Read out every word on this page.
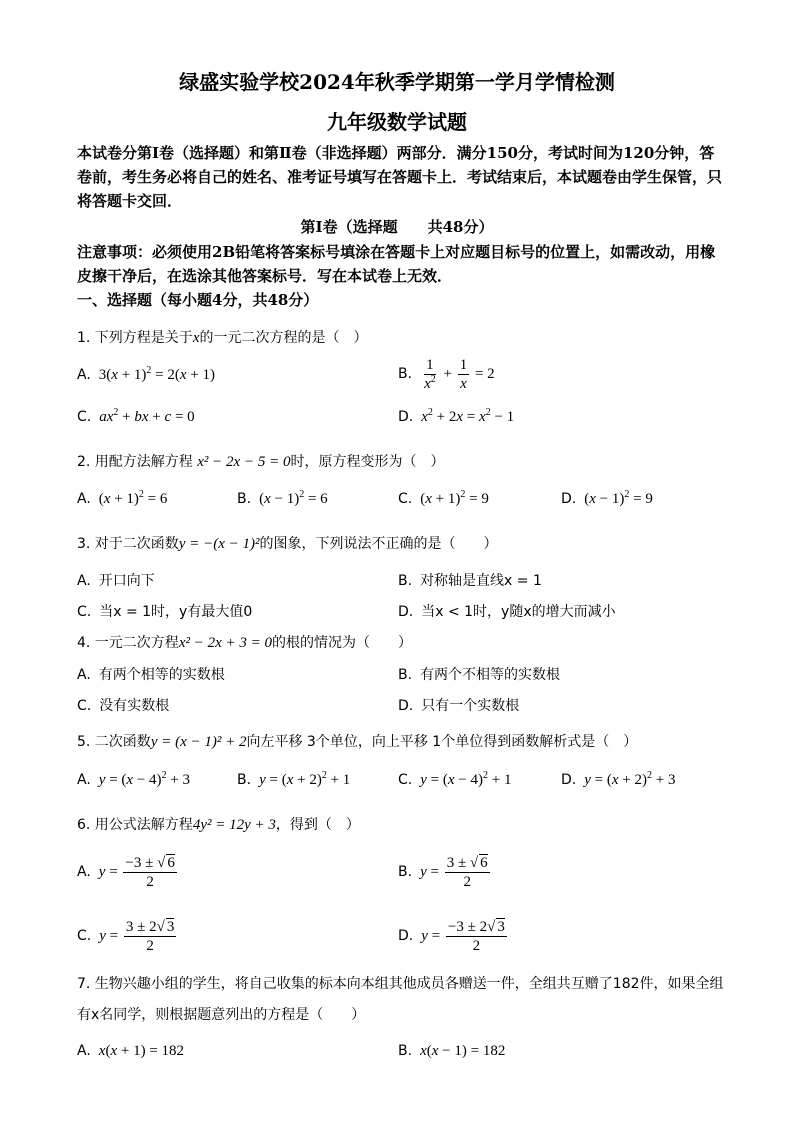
绿盛实验学校2024年秋季学期第一学月学情检测
九年级数学试题
本试卷分第Ⅰ卷（选择题）和第Ⅱ卷（非选择题）两部分．满分150分，考试时间为120分钟，答卷前，考生务必将自己的姓名、准考证号填写在答题卡上．考试结束后，本试题卷由学生保管，只将答题卡交回．
第Ⅰ卷（选择题　　共48分）
注意事项：必须使用2B铅笔将答案标号填涂在答题卡上对应题目标号的位置上，如需改动，用橡皮擦干净后，在选涂其他答案标号．写在本试卷上无效．
一、选择题（每小题4分，共48分）
1. 下列方程是关于x的一元二次方程的是（　）
A. $3(x + 1)^2 = 2(x + 1)$	B. $\frac{1}{x^2} + \frac{1}{x} = 2$
C. $ax^2$ + bx + c = 0	D. $x^2 + 2x = x^2 - 1$
2. 用配方法解方程 x² − 2x − 5 = 0时，原方程变形为（　）
A. $(x + 1)^2 = 6$	B. $(x - 1)^2 = 6$	C. $(x + 1)^2 = 9$	D. $(x - 1)^2 = 9$
3. 对于二次函数y = −(x − 1)²的图象，下列说法不正确的是（　　）
A. 开口向下	B. 对称轴是直线x = 1
C. 当x = 1时，y有最大值0	D. 当x < 1时，y随x的增大而减小
4. 一元二次方程x² − 2x + 3 = 0的根的情况为（　　）
A. 有两个相等的实数根	B. 有两个不相等的实数根
C. 没有实数根	D. 只有一个实数根
5. 二次函数y = (x − 1)² + 2向左平移 3个单位，向上平移 1个单位得到函数解析式是（　）
A. $y = (x - 4)^2 + 3$	B. $y = (x + 2)^2 + 1$	C. $y = (x - 4)^2 + 1$	D. $y = (x + 2)^2 + 3$
6. 用公式法解方程4y² = 12y + 3，得到（　）
A. $y = \frac{-3 \pm √ 6}{2}$	B. $y = \frac{3 \pm √ 6}{2}$
C. $y = \frac{3 \pm 2√ 3}{2}$	D. $y = \frac{-3 \pm 2√ 3}{2}$
7. 生物兴趣小组的学生，将自己收集的标本向本组其他成员各赠送一件，全组共互赠了182件，如果全组有x名同学，则根据题意列出的方程是（　　）
A. x(x + 1) = 182	B. x(x − 1) = 182
